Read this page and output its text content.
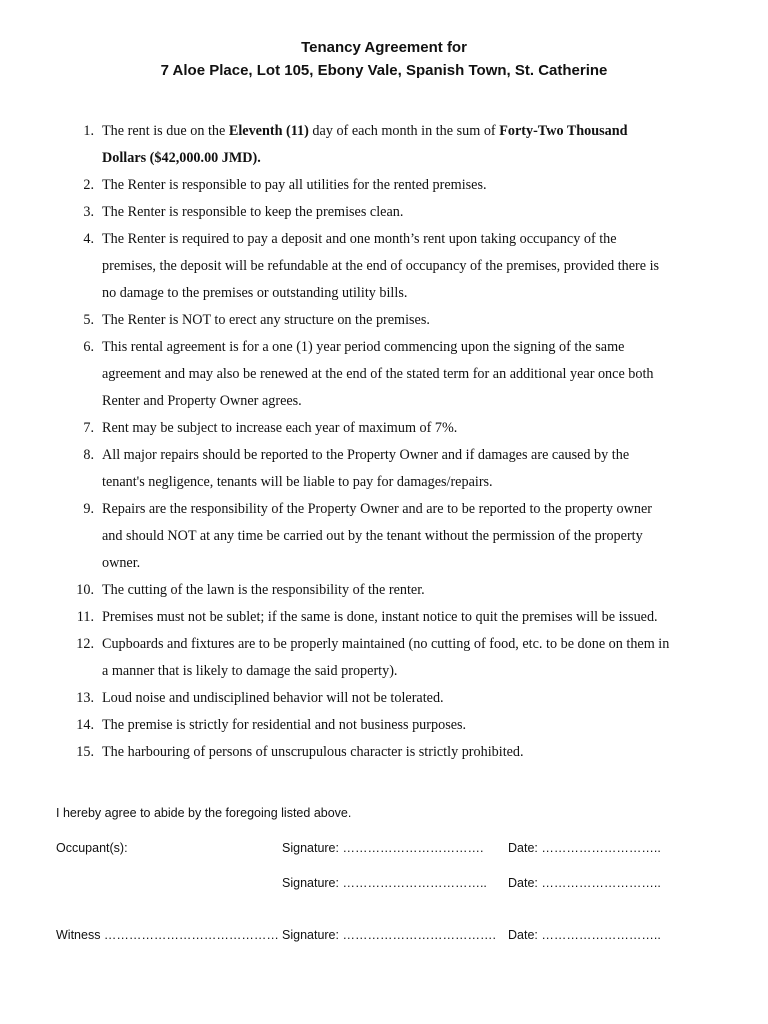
Tenancy Agreement for
7 Aloe Place, Lot 105, Ebony Vale, Spanish Town, St. Catherine
1. The rent is due on the Eleventh (11) day of each month in the sum of Forty-Two Thousand Dollars ($42,000.00 JMD).
2. The Renter is responsible to pay all utilities for the rented premises.
3. The Renter is responsible to keep the premises clean.
4. The Renter is required to pay a deposit and one month’s rent upon taking occupancy of the premises, the deposit will be refundable at the end of occupancy of the premises, provided there is no damage to the premises or outstanding utility bills.
5. The Renter is NOT to erect any structure on the premises.
6. This rental agreement is for a one (1) year period commencing upon the signing of the same agreement and may also be renewed at the end of the stated term for an additional year once both Renter and Property Owner agrees.
7. Rent may be subject to increase each year of maximum of 7%.
8. All major repairs should be reported to the Property Owner and if damages are caused by the tenant's negligence, tenants will be liable to pay for damages/repairs.
9. Repairs are the responsibility of the Property Owner and are to be reported to the property owner and should NOT at any time be carried out by the tenant without the permission of the property owner.
10. The cutting of the lawn is the responsibility of the renter.
11. Premises must not be sublet; if the same is done, instant notice to quit the premises will be issued.
12. Cupboards and fixtures are to be properly maintained (no cutting of food, etc. to be done on them in a manner that is likely to damage the said property).
13. Loud noise and undisciplined behavior will not be tolerated.
14. The premise is strictly for residential and not business purposes.
15. The harbouring of persons of unscrupulous character is strictly prohibited.
I hereby agree to abide by the foregoing listed above.
Occupant(s):	Signature: ……………………………. Date: ………………………..
Signature: …………………………….. Date: ………………………..
Witness …………………………………… Signature: ………………………………. Date: ………………………..
